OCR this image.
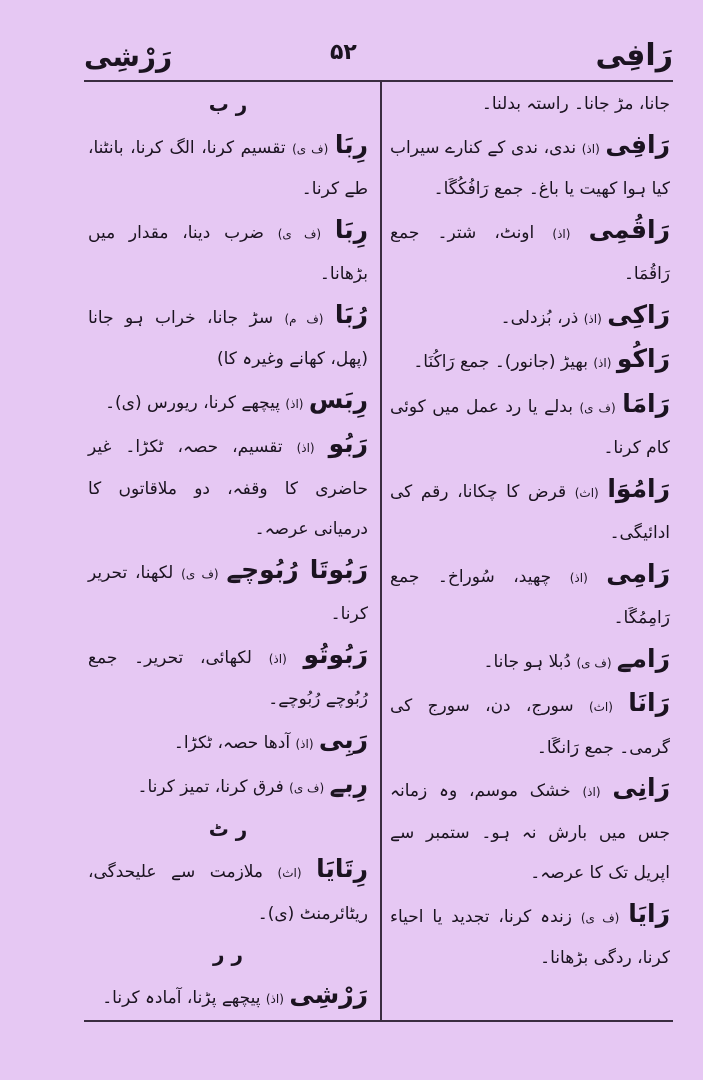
رَافِی
۵۲
رَرْشِی

جانا، مڑ جانا۔ راستہ بدلنا۔

رَافِی (اذ) ندی، ندی کے کنارے سیراب کیا ہوا کھیت یا باغ۔ جمع رَافُکُگَا۔

رَاقُمِی (اذ) اونٹ، شتر۔ جمع رَاقُمَا۔

رَاکِی (اذ) ذر، بُزدلی۔

رَاکُو (اذ) بھیڑ (جانور)۔ جمع رَاکُنَا۔

رَامَا (ف ی) بدلے یا رد عمل میں کوئی کام کرنا۔

رَامُوَا (اث) قرض کا چکانا، رقم کی ادائیگی۔

رَامِی (اذ) چھید، سُوراخ۔ جمع رَامِمُگَا۔

رَامے (ف ی) دُبلا ہو جانا۔

رَانَا (اث) سورج، دن، سورج کی گرمی۔ جمع رَانگَا۔

رَانِی (اذ) خشک موسم، وہ زمانہ جس میں بارش نہ ہو۔ ستمبر سے اپریل تک کا عرصہ۔

رَایَا (ف ی) زندہ کرنا، تجدید یا احیاء کرنا، ردگی بڑھانا۔

ر ب

رِبَا (ف ی) تقسیم کرنا، الگ کرنا، بانٹنا، طے کرنا۔

رِبَا (ف ی) ضرب دینا، مقدار میں بڑھانا۔

رُبَا (ف م) سڑ جانا، خراب ہو جانا (پھل، کھانے وغیرہ کا)

رِبَس (اذ) پیچھے کرنا، ریورس (ی)۔

رَبُو (اذ) تقسیم، حصہ، ٹکڑا۔ غیر حاضری کا وقفہ، دو ملاقاتوں کا درمیانی عرصہ۔

رَبُوتَا رُبُوچے (ف ی) لکھنا، تحریر کرنا۔

رَبُوتُو (اذ) لکھائی، تحریر۔ جمع رُبُوچے رُبُوچے۔

رَبِی (اذ) آدھا حصہ، ٹکڑا۔

رِبے (ف ی) فرق کرنا، تمیز کرنا۔

ر ٹ

رِتَایَا (اث) ملازمت سے علیحدگی، ریٹائرمنٹ (ی)۔

ر ر

رَرْشِی (اذ) پیچھے پڑنا، آمادہ کرنا۔
